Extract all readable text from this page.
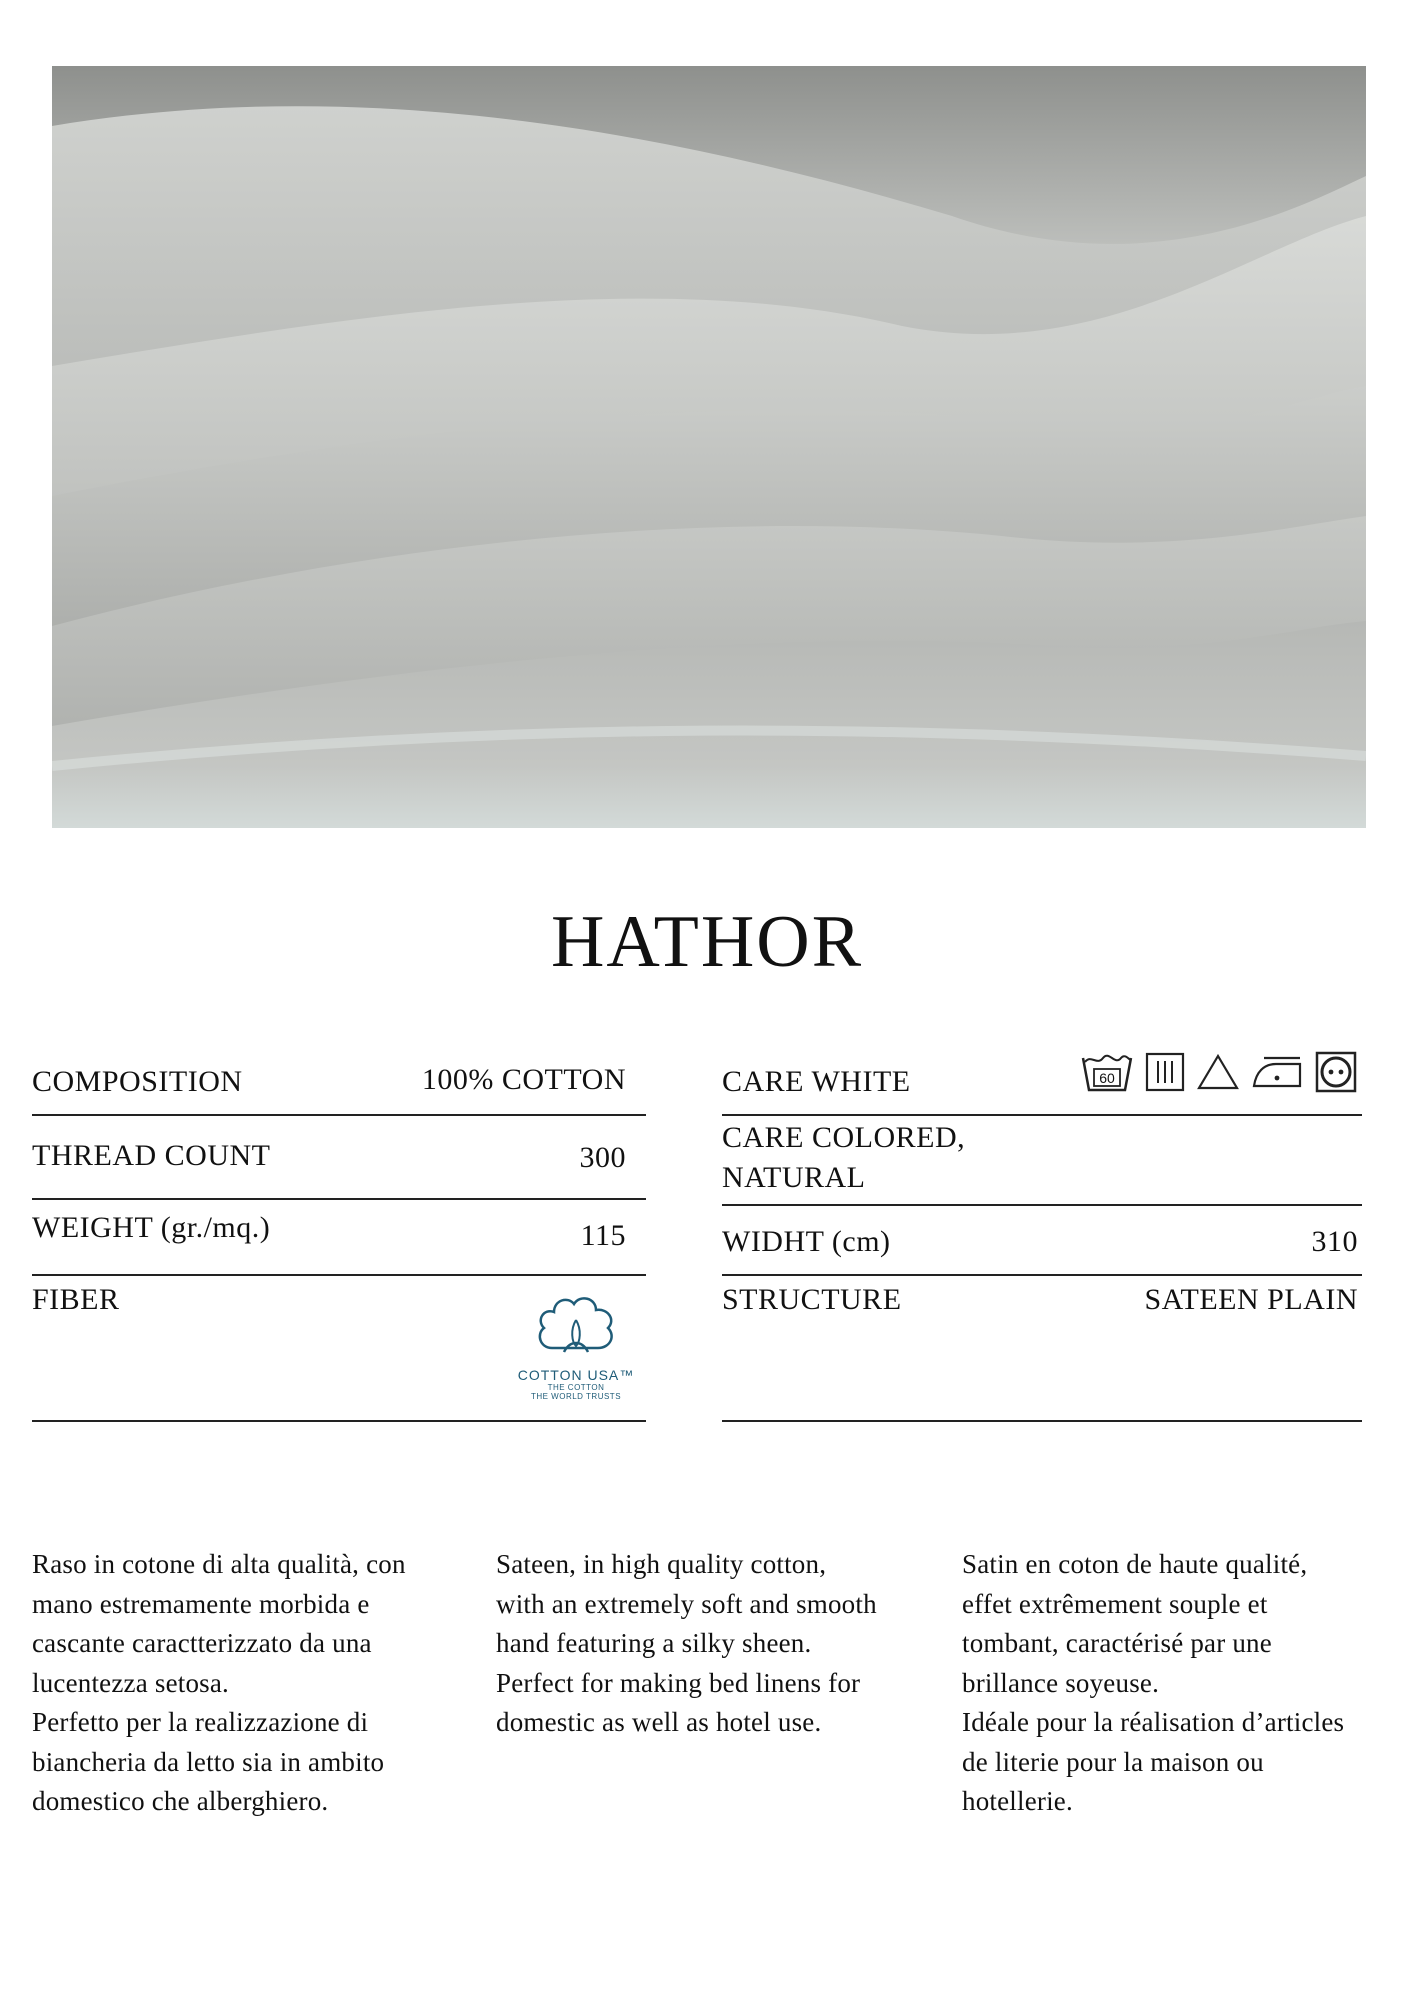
HATHOR
COMPOSITION	100% COTTON
THREAD COUNT	300
WEIGHT (gr./mq.)	115
FIBER
COTTON USA™
THE COTTON
THE WORLD TRUSTS
CARE WHITE	60
CARE COLORED,
NATURAL
WIDHT (cm)	310
STRUCTURE	SATEEN PLAIN
Raso in cotone di alta qualità, con
mano estremamente morbida e
cascante caractterizzato da una
lucentezza setosa.
Perfetto per la realizzazione di
biancheria da letto sia in ambito
domestico che alberghiero.
Sateen, in high quality cotton,
with an extremely soft and smooth
hand featuring a silky sheen.
Perfect for making bed linens for
domestic as well as hotel use.
Satin en coton de haute qualité,
effet extrêmement souple et
tombant, caractérisé par une
brillance soyeuse.
Idéale pour la réalisation d’articles
de literie pour la maison ou
hotellerie.
